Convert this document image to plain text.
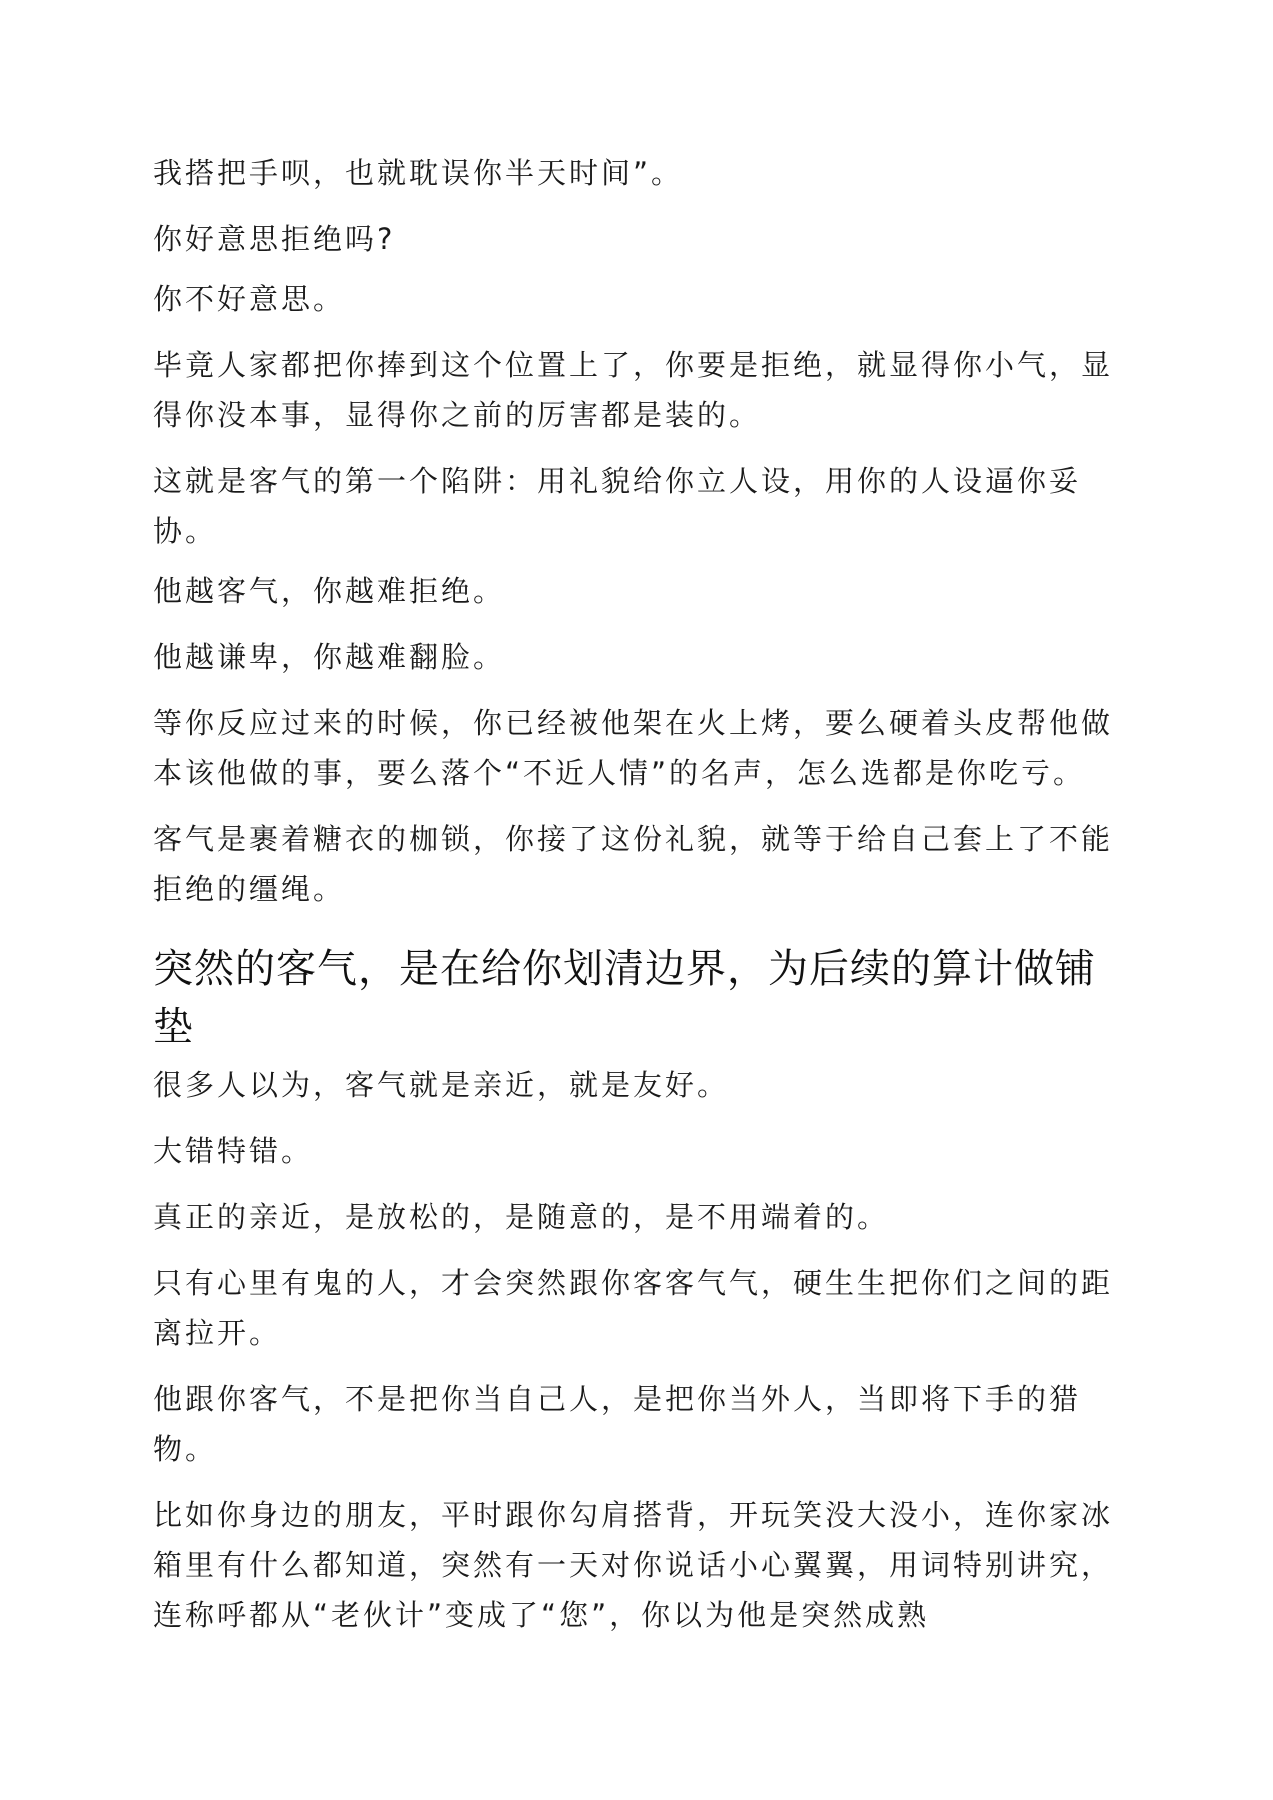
我搭把手呗，也就耽误你半天时间”。

你好意思拒绝吗?

你不好意思。

毕竟人家都把你捧到这个位置上了，你要是拒绝，就显得你小气，显得你没本事，显得你之前的厉害都是装的。

这就是客气的第一个陷阱：用礼貌给你立人设，用你的人设逼你妥协。

他越客气，你越难拒绝。

他越谦卑，你越难翻脸。

等你反应过来的时候，你已经被他架在火上烤，要么硬着头皮帮他做本该他做的事，要么落个“不近人情”的名声，怎么选都是你吃亏。

客气是裹着糖衣的枷锁，你接了这份礼貌，就等于给自己套上了不能拒绝的缰绳。

突然的客气，是在给你划清边界，为后续的算计做铺垫

很多人以为，客气就是亲近，就是友好。

大错特错。

真正的亲近，是放松的，是随意的，是不用端着的。

只有心里有鬼的人，才会突然跟你客客气气，硬生生把你们之间的距离拉开。

他跟你客气，不是把你当自己人，是把你当外人，当即将下手的猎物。

比如你身边的朋友，平时跟你勾肩搭背，开玩笑没大没小，连你家冰箱里有什么都知道，突然有一天对你说话小心翼翼，用词特别讲究，连称呼都从“老伙计”变成了“您”，你以为他是突然成熟
